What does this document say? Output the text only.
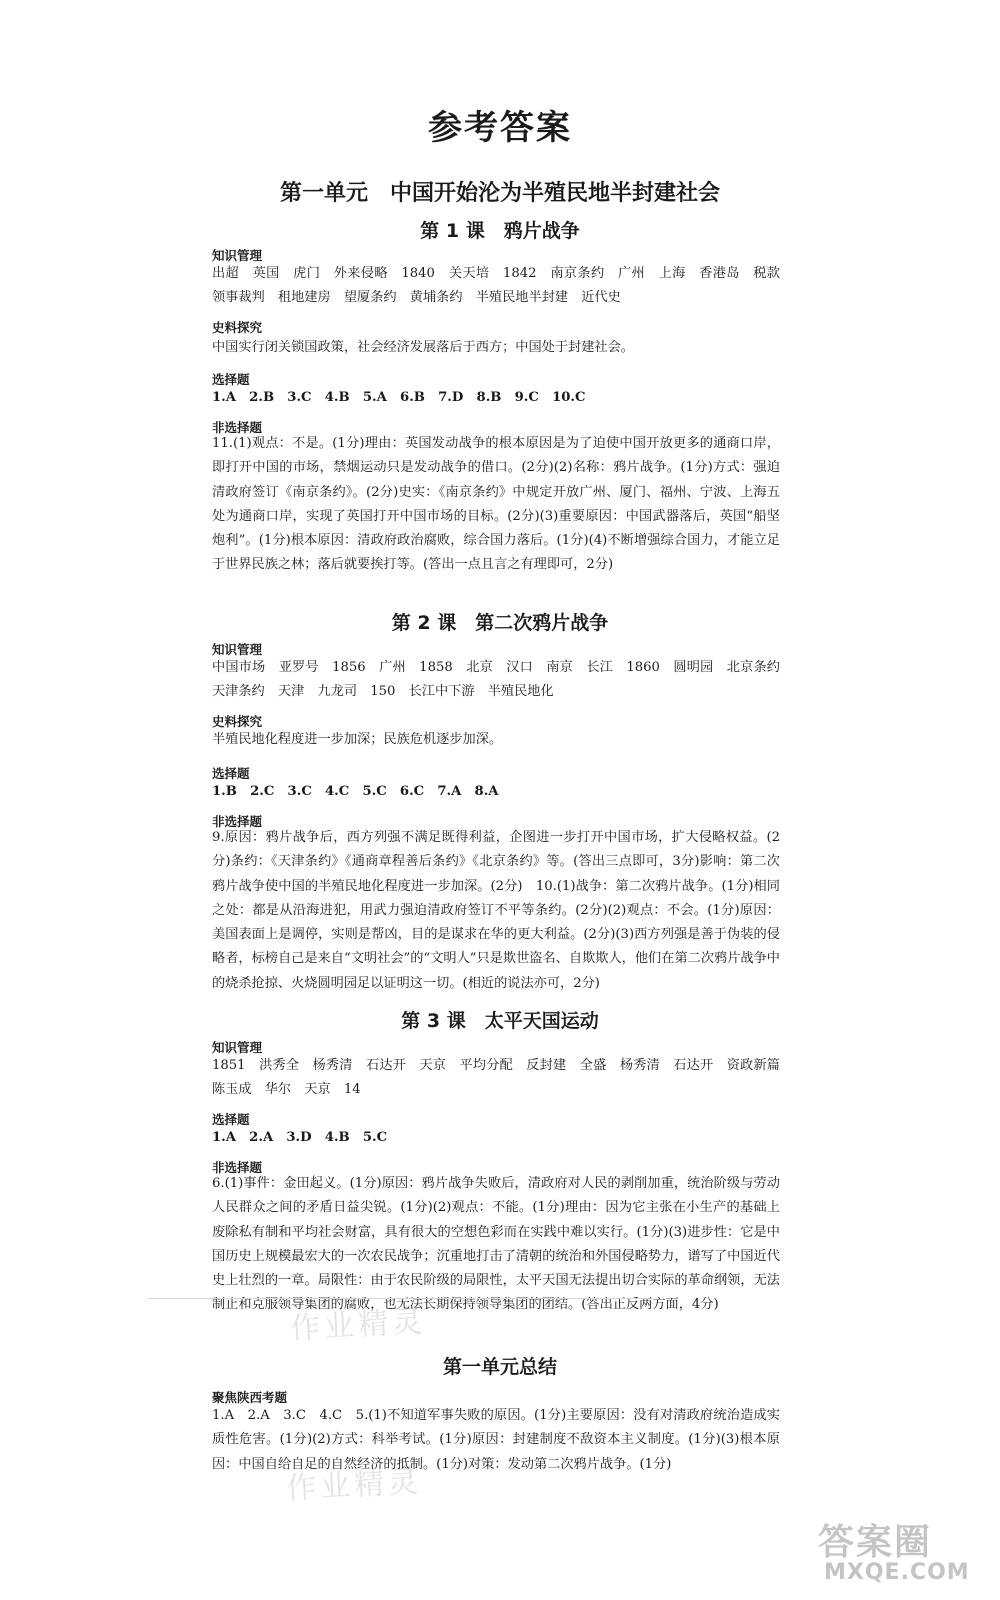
参考答案
第一单元　中国开始沦为半殖民地半封建社会
第 1 课　鸦片战争
知识管理
出超　英国　虎门　外来侵略　1840　关天培　1842　南京条约　广州　上海　香港岛　税款　领事裁判　租地建房　望厦条约　黄埔条约　半殖民地半封建　近代史
史料探究
中国实行闭关锁国政策，社会经济发展落后于西方；中国处于封建社会。
选择题
1.A　2.B　3.C　4.B　5.A　6.B　7.D　8.B　9.C　10.C
非选择题
11.(1)观点：不是。(1分)理由：英国发动战争的根本原因是为了迫使中国开放更多的通商口岸，即打开中国的市场，禁烟运动只是发动战争的借口。(2分)(2)名称：鸦片战争。(1分)方式：强迫清政府签订《南京条约》。(2分)史实：《南京条约》中规定开放广州、厦门、福州、宁波、上海五处为通商口岸，实现了英国打开中国市场的目标。(2分)(3)重要原因：中国武器落后，英国“船坚炮利”。(1分)根本原因：清政府政治腐败，综合国力落后。(1分)(4)不断增强综合国力，才能立足于世界民族之林；落后就要挨打等。(答出一点且言之有理即可，2分)
第 2 课　第二次鸦片战争
知识管理
中国市场　亚罗号　1856　广州　1858　北京　汉口　南京　长江　1860　圆明园　北京条约　天津条约　天津　九龙司　150　长江中下游　半殖民地化
史料探究
半殖民地化程度进一步加深；民族危机逐步加深。
选择题
1.B　2.C　3.C　4.C　5.C　6.C　7.A　8.A
非选择题
9.原因：鸦片战争后，西方列强不满足既得利益，企图进一步打开中国市场，扩大侵略权益。(2分)条约：《天津条约》《通商章程善后条约》《北京条约》等。(答出三点即可，3分)影响：第二次鸦片战争使中国的半殖民地化程度进一步加深。(2分)　10.(1)战争：第二次鸦片战争。(1分)相同之处：都是从沿海进犯，用武力强迫清政府签订不平等条约。(2分)(2)观点：不会。(1分)原因：美国表面上是调停，实则是帮凶，目的是谋求在华的更大利益。(2分)(3)西方列强是善于伪装的侵略者，标榜自己是来自“文明社会”的“文明人”只是欺世盗名、自欺欺人，他们在第二次鸦片战争中的烧杀抢掠、火烧圆明园足以证明这一切。(相近的说法亦可，2分)
第 3 课　太平天国运动
知识管理
1851　洪秀全　杨秀清　石达开　天京　平均分配　反封建　全盛　杨秀清　石达开　资政新篇　陈玉成　华尔　天京　14
选择题
1.A　2.A　3.D　4.B　5.C
非选择题
6.(1)事件：金田起义。(1分)原因：鸦片战争失败后，清政府对人民的剥削加重，统治阶级与劳动人民群众之间的矛盾日益尖锐。(1分)(2)观点：不能。(1分)理由：因为它主张在小生产的基础上废除私有制和平均社会财富，具有很大的空想色彩而在实践中难以实行。(1分)(3)进步性：它是中国历史上规模最宏大的一次农民战争；沉重地打击了清朝的统治和外国侵略势力，谱写了中国近代史上壮烈的一章。局限性：由于农民阶级的局限性，太平天国无法提出切合实际的革命纲领，无法制止和克服领导集团的腐败，也无法长期保持领导集团的团结。(答出正反两方面，4分)
第一单元总结
聚焦陕西考题
1.A　2.A　3.C　4.C　5.(1)不知道军事失败的原因。(1分)主要原因：没有对清政府统治造成实质性危害。(1分)(2)方式：科举考试。(1分)原因：封建制度不敌资本主义制度。(1分)(3)根本原因：中国自给自足的自然经济的抵制。(1分)对策：发动第二次鸦片战争。(1分)
作业精灵
作业精灵
答案圈
MXQE.COM
